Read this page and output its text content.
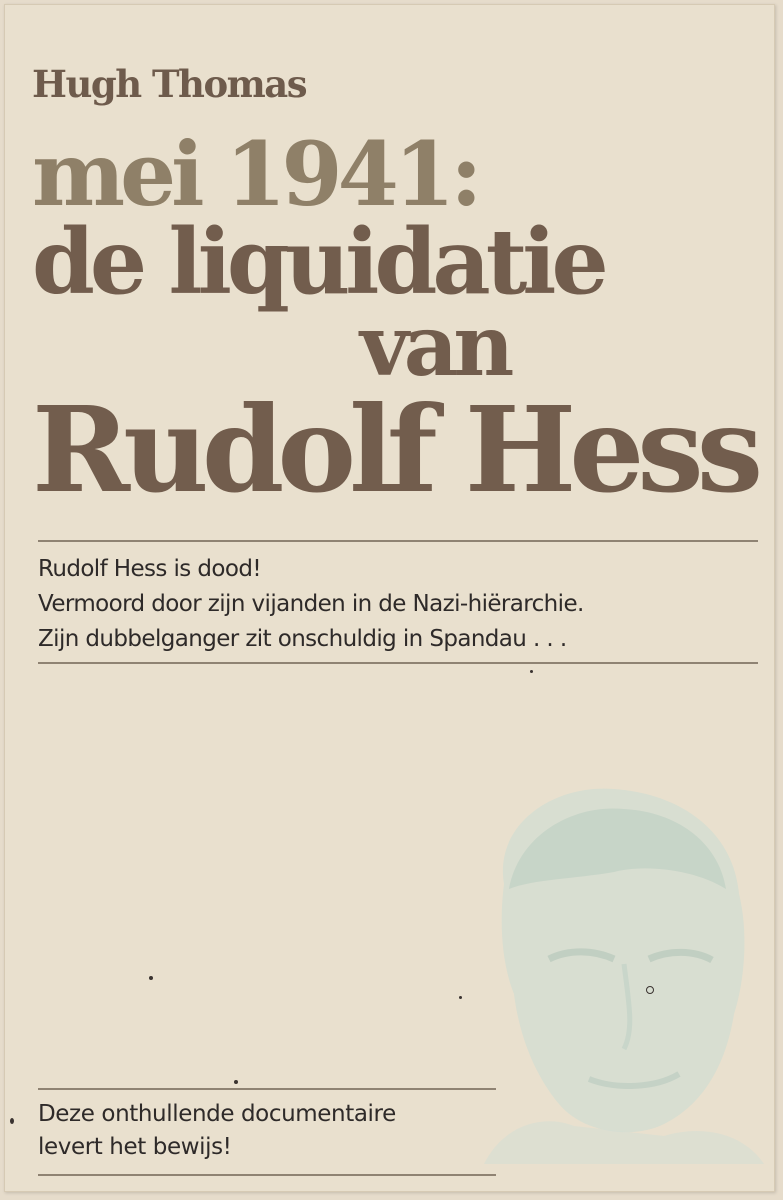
Hugh Thomas
mei 1941:
de liquidatie
van
Rudolf Hess

Rudolf Hess is dood!

Vermoord door zijn vijanden in de Nazi-hiërarchie.

Zijn dubbelganger zit onschuldig in Spandau . . .

Deze onthullende documentaire

levert het bewijs!
